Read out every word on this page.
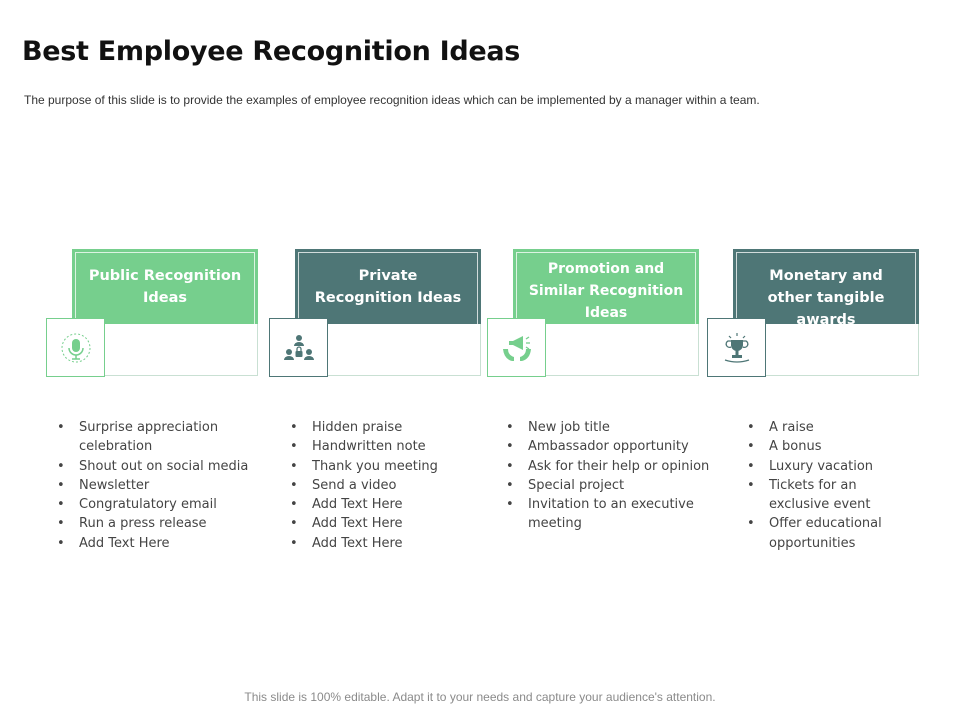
Best Employee Recognition Ideas
The purpose of this slide is to provide the examples of employee recognition ideas which can be implemented by a manager within a team.
Public Recognition Ideas
Private Recognition Ideas
Promotion and Similar Recognition Ideas
Monetary and other tangible awards
• Surprise appreciation celebration
• Shout out on social media
• Newsletter
• Congratulatory email
• Run a press release
• Add Text Here
• Hidden praise
• Handwritten note
• Thank you meeting
• Send a video
• Add Text Here
• Add Text Here
• Add Text Here
• New job title
• Ambassador opportunity
• Ask for their help or opinion
• Special project
• Invitation to an executive meeting
• A raise
• A bonus
• Luxury vacation
• Tickets for an exclusive event
• Offer educational opportunities
This slide is 100% editable. Adapt it to your needs and capture your audience's attention.
